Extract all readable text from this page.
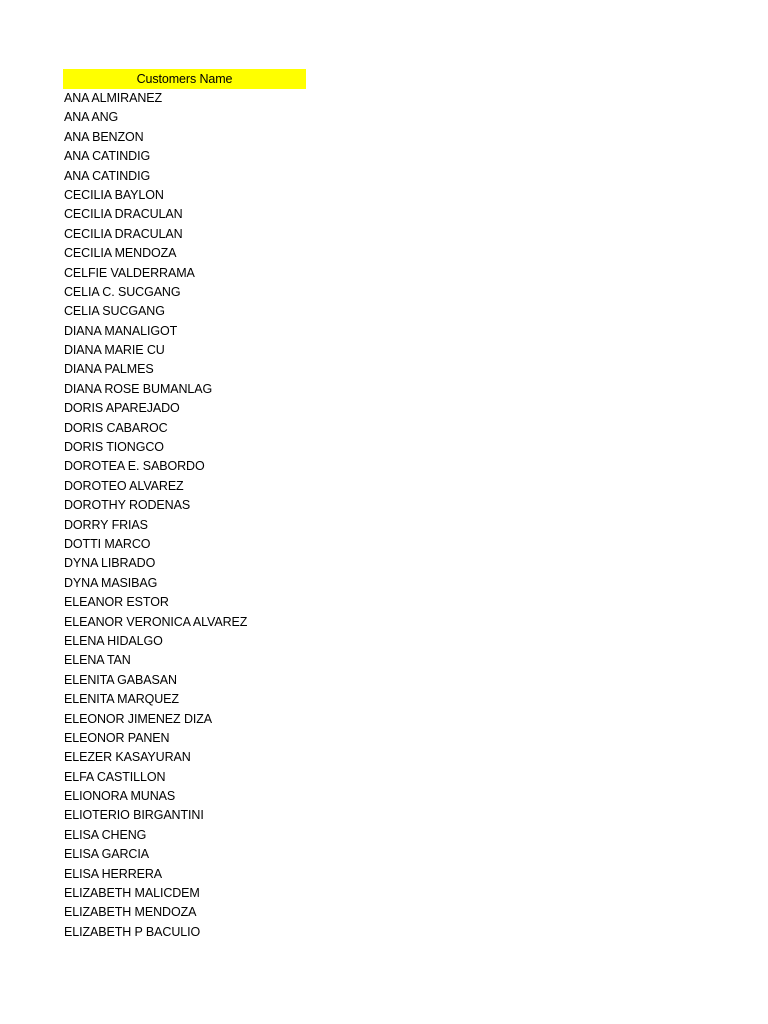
Customers Name
ANA ALMIRANEZ
ANA ANG
ANA BENZON
ANA CATINDIG
ANA CATINDIG
CECILIA BAYLON
CECILIA DRACULAN
CECILIA DRACULAN
CECILIA MENDOZA
CELFIE VALDERRAMA
CELIA C. SUCGANG
CELIA SUCGANG
DIANA MANALIGOT
DIANA MARIE CU
DIANA PALMES
DIANA ROSE BUMANLAG
DORIS APAREJADO
DORIS CABAROC
DORIS TIONGCO
DOROTEA E. SABORDO
DOROTEO ALVAREZ
DOROTHY RODENAS
DORRY FRIAS
DOTTI MARCO
DYNA LIBRADO
DYNA MASIBAG
ELEANOR ESTOR
ELEANOR VERONICA ALVAREZ
ELENA HIDALGO
ELENA TAN
ELENITA GABASAN
ELENITA MARQUEZ
ELEONOR JIMENEZ DIZA
ELEONOR PANEN
ELEZER KASAYURAN
ELFA CASTILLON
ELIONORA MUNAS
ELIOTERIO BIRGANTINI
ELISA CHENG
ELISA GARCIA
ELISA HERRERA
ELIZABETH MALICDEM
ELIZABETH MENDOZA
ELIZABETH P BACULIO
